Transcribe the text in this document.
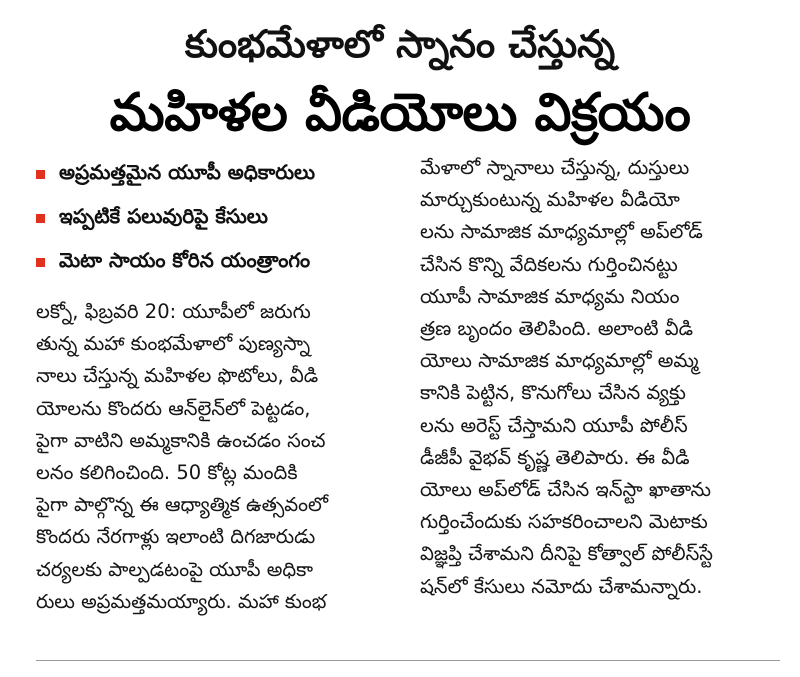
కుంభమేళాలో స్నానం చేస్తున్న
మహిళల వీడియోలు విక్రయం
అప్రమత్తమైన యూపీ అధికారులు
ఇప్పటికే పలువురిపై కేసులు
మెటా సాయం కోరిన యంత్రాంగం

లక్నో, ఫిబ్రవరి 20: యూపీలో జరుగు
తున్న మహా కుంభమేళాలో పుణ్యస్నా
నాలు చేస్తున్న మహిళల ఫొటోలు, వీడి
యోలను కొందరు ఆన్‌లైన్‌లో పెట్టడం,
పైగా వాటిని అమ్మకానికి ఉంచడం సంచ
లనం కలిగించింది. 50 కోట్ల మందికి
పైగా పాల్గొన్న ఈ ఆధ్యాత్మిక ఉత్సవంలో
కొందరు నేరగాళ్లు ఇలాంటి దిగజారుడు
చర్యలకు పాల్పడటంపై యూపీ అధికా
రులు అప్రమత్తమయ్యారు. మహా కుంభ

మేళాలో స్నానాలు చేస్తున్న, దుస్తులు
మార్చుకుంటున్న మహిళల వీడియో
లను సామాజిక మాధ్యమాల్లో అప్‌లోడ్
చేసిన కొన్ని వేదికలను గుర్తించినట్టు
యూపీ సామాజిక మాధ్యమ నియం
త్రణ బృందం తెలిపింది. అలాంటి వీడి
యోలు సామాజిక మాధ్యమాల్లో అమ్మ
కానికి పెట్టిన, కొనుగోలు చేసిన వ్యక్తు
లను అరెస్ట్ చేస్తామని యూపీ పోలీస్
డీజీపీ వైభవ్ కృష్ణ తెలిపారు. ఈ వీడి
యోలు అప్‌లోడ్ చేసిన ఇన్‌స్టా ఖాతాను
గుర్తించేందుకు సహకరించాలని మెటాకు
విజ్ఞప్తి చేశామని దీనిపై కోత్వాల్ పోలీస్‌స్టే
షన్‌లో కేసులు నమోదు చేశామన్నారు.
